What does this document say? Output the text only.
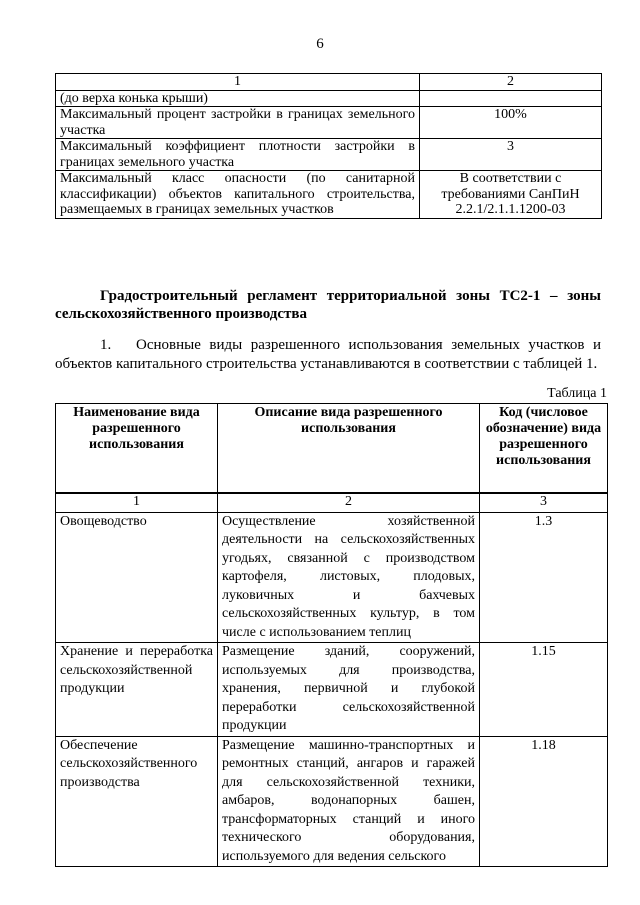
6
1	2
(до верха конька крыши)	
Максимальный процент застройки в границах земельного участка	100%
Максимальный коэффициент плотности застройки в границах земельного участка	3
Максимальный класс опасности (по санитарной классификации) объектов капитального строительства, размещаемых в границах земельных участков	В соответствии с требованиями СанПиН 2.2.1/2.1.1.1200-03
Градостроительный регламент территориальной зоны ТС2-1 – зоны сельскохозяйственного производства
1. Основные виды разрешенного использования земельных участков и объектов капитального строительства устанавливаются в соответствии с таблицей 1.
Таблица 1
Наименование вида разрешенного использования	Описание вида разрешенного использования	Код (числовое обозначение) вида разрешенного использования
1	2	3
Овощеводство	Осуществление хозяйственной деятельности на сельскохозяйственных угодьях, связанной с производством картофеля, листовых, плодовых, луковичных и бахчевых сельскохозяйственных культур, в том числе с использованием теплиц	1.3
Хранение и переработка сельскохозяйственной продукции	Размещение зданий, сооружений, используемых для производства, хранения, первичной и глубокой переработки сельскохозяйственной продукции	1.15
Обеспечение сельскохозяйственного производства	Размещение машинно-транспортных и ремонтных станций, ангаров и гаражей для сельскохозяйственной техники, амбаров, водонапорных башен, трансформаторных станций и иного технического оборудования, используемого для ведения сельского	1.18
